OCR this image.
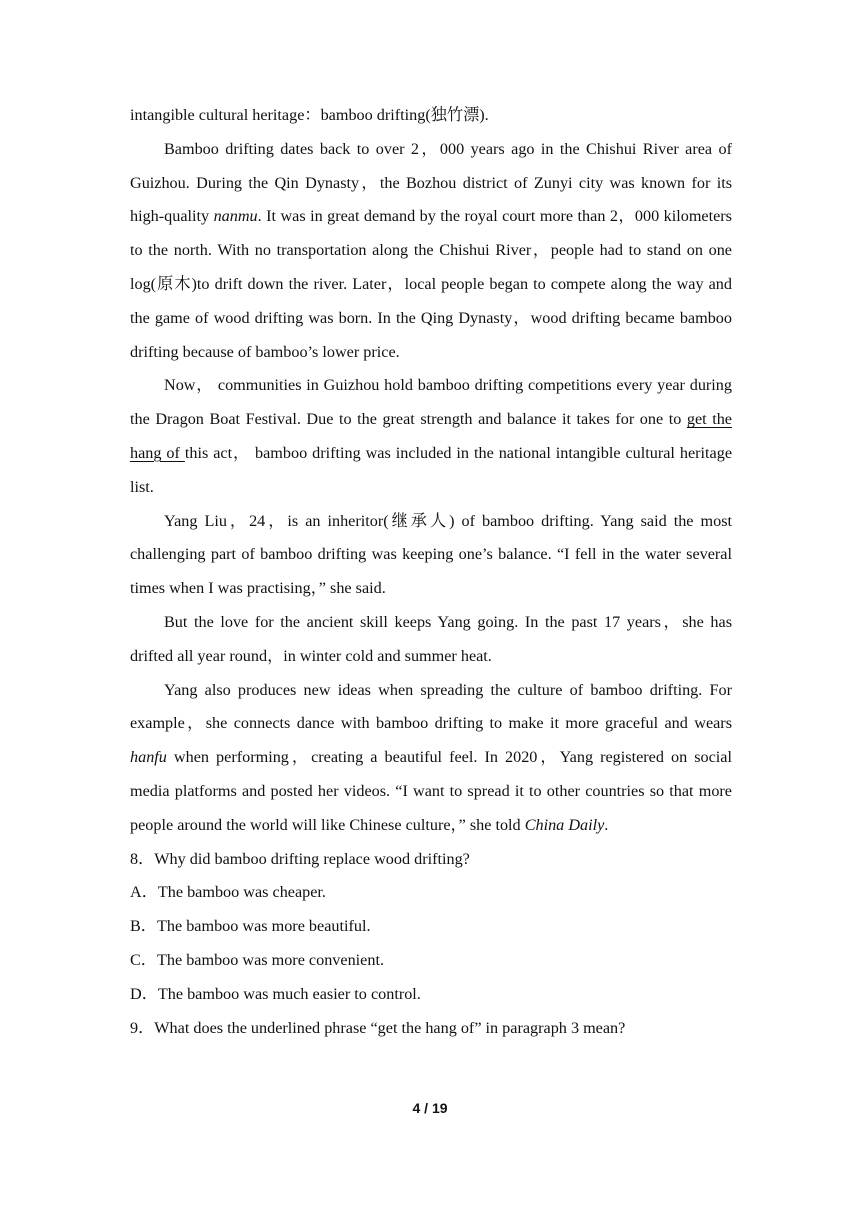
intangible cultural heritage：bamboo drifting(独竹漂).

Bamboo drifting dates back to over 2，000 years ago in the Chishui River area of Guizhou. During the Qin Dynasty，the Bozhou district of Zunyi city was known for its high-quality nanmu. It was in great demand by the royal court more than 2，000 kilometers to the north. With no transportation along the Chishui River，people had to stand on one log(原木)to drift down the river. Later，local people began to compete along the way and the game of wood drifting was born. In the Qing Dynasty，wood drifting became bamboo drifting because of bamboo’s lower price.

Now， communities in Guizhou hold bamboo drifting competitions every year during the Dragon Boat Festival. Due to the great strength and balance it takes for one to get the hang of this act， bamboo drifting was included in the national intangible cultural heritage list.

Yang Liu，24，is an inheritor(继承人) of bamboo drifting. Yang said the most challenging part of bamboo drifting was keeping one’s balance. “I fell in the water several times when I was practising，” she said.

But the love for the ancient skill keeps Yang going. In the past 17 years，she has drifted all year round，in winter cold and summer heat.

Yang also produces new ideas when spreading the culture of bamboo drifting. For example，she connects dance with bamboo drifting to make it more graceful and wears hanfu when performing，creating a beautiful feel. In 2020，Yang registered on social media platforms and posted her videos. “I want to spread it to other countries so that more people around the world will like Chinese culture，” she told China Daily.

8．Why did bamboo drifting replace wood drifting?

A．The bamboo was cheaper.

B．The bamboo was more beautiful.

C．The bamboo was more convenient.

D．The bamboo was much easier to control.

9．What does the underlined phrase “get the hang of” in paragraph 3 mean?

4 / 19
